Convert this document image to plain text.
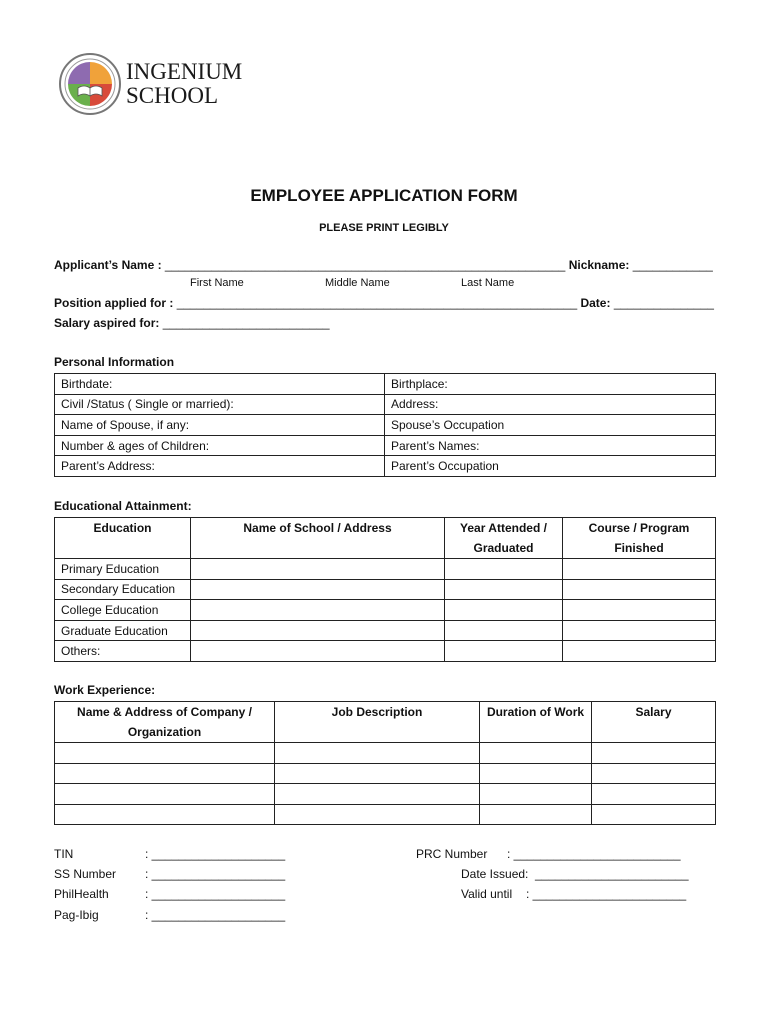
INGENIUM
SCHOOL
EMPLOYEE APPLICATION FORM
PLEASE PRINT LEGIBLY
Applicant’s Name : ____________________________________________________________ Nickname: ____________
First Name	Middle Name	Last Name
Position applied for : ____________________________________________________________ Date: _______________
Salary aspired for: _________________________
Personal Information
Birthdate:	Birthplace:
Civil /Status ( Single or married):	Address:
Name of Spouse, if any:	Spouse’s Occupation
Number & ages of Children:	Parent’s Names:
Parent’s Address:	Parent’s Occupation
Educational Attainment:
Education	Name of School / Address	Year Attended / Graduated	Course / Program Finished
Primary Education			
Secondary Education			
College Education			
Graduate Education			
Others:			
Work Experience:
Name & Address of Company / Organization	Job Description	Duration of Work	Salary

TIN	: ____________________
SS Number : ____________________
PhilHealth	: ____________________
Pag-Ibig	: ____________________
PRC Number : _________________________
Date Issued: _______________________
Valid until : _______________________
